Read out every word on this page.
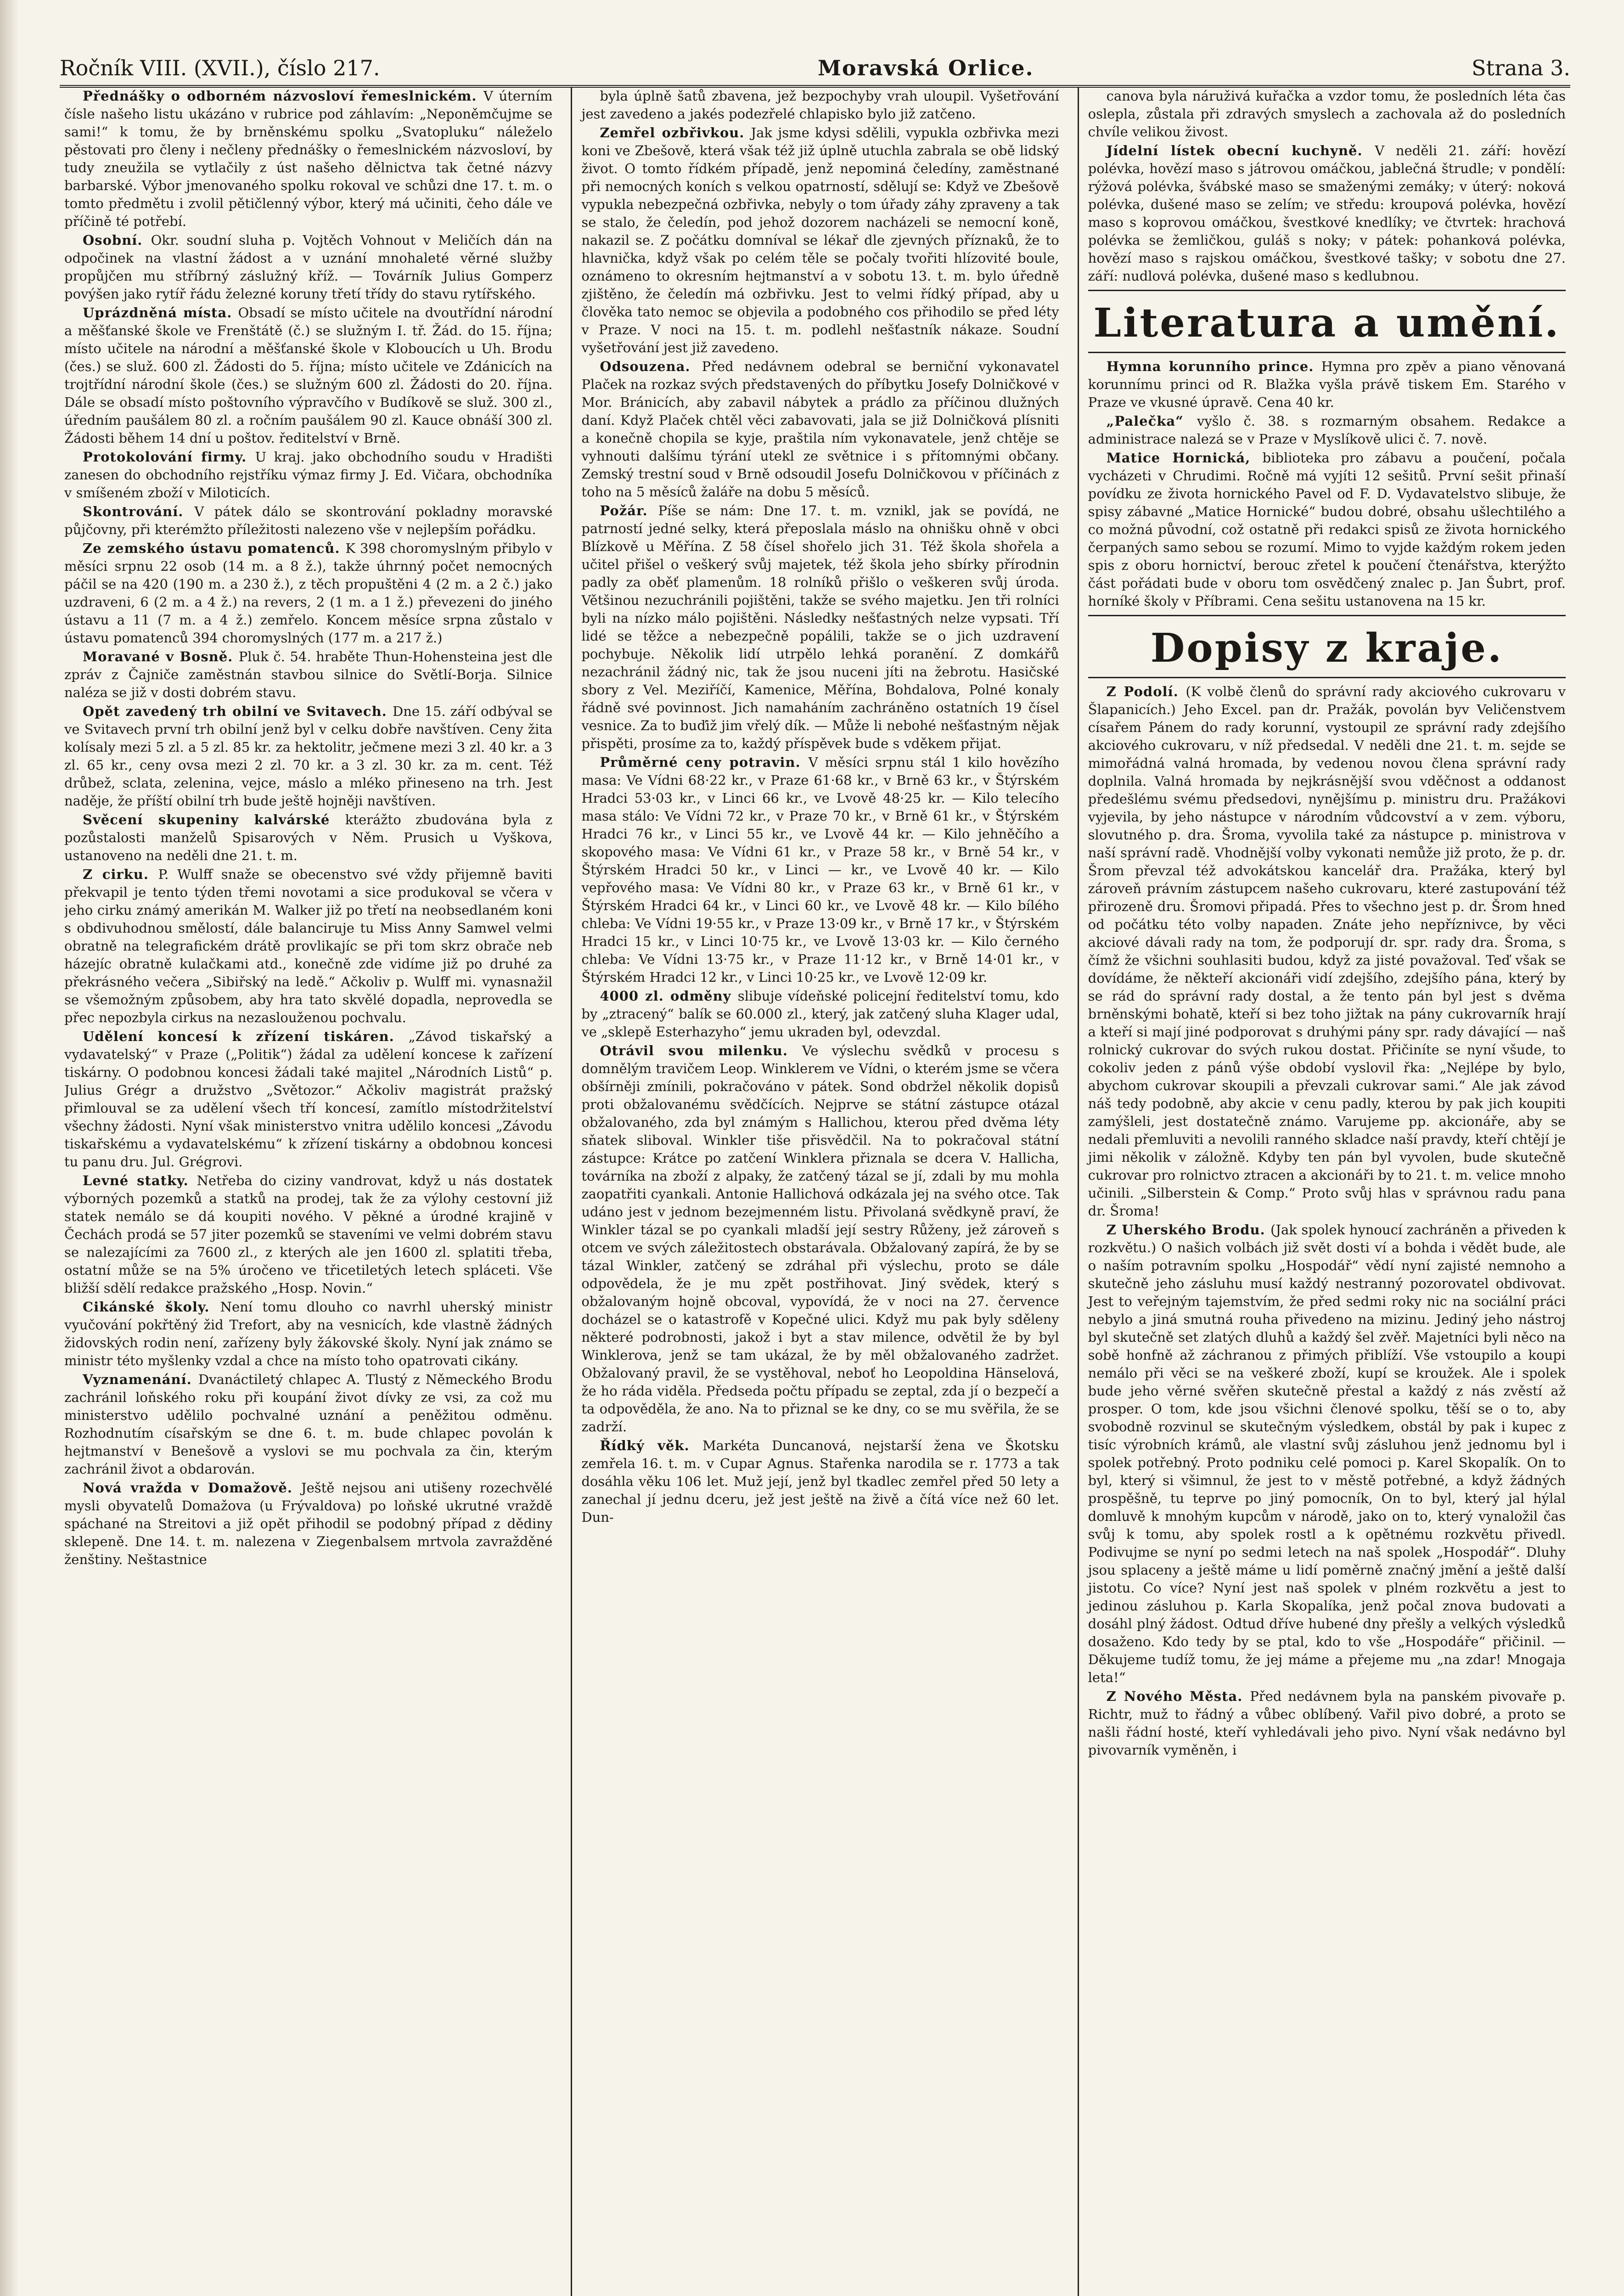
Ročník VIII. (XVII.), číslo 217.	Moravská Orlice.	Strana 3.

Přednášky o odborném názvosloví řemeslnickém. V úterním čísle našeho listu ukázáno v rubrice pod záhlavím: „Neponěmčujme se sami!“ k tomu, že by brněnskému spolku „Svatopluku“ náleželo pěstovati pro členy i nečleny přednášky o řemeslnickém názvosloví, by tudy zneužila se vytlačily z úst našeho dělnictva tak četné názvy barbarské. Výbor jmenovaného spolku rokoval ve schůzi dne 17. t. m. o tomto předmětu i zvolil pětičlenný výbor, který má učiniti, čeho dále ve příčině té potřebí.

Osobní. Okr. soudní sluha p. Vojtěch Vohnout v Meličích dán na odpočinek na vlastní žádost a v uznání mnohaleté věrné služby propůjčen mu stříbrný záslužný kříž. — Továrník Julius Gomperz povýšen jako rytíř řádu železné koruny třetí třídy do stavu rytířského.

Uprázdněná místa. Obsadí se místo učitele na dvoutřídní národní a měšťanské škole ve Frenštátě (č.) se služným I. tř. Žád. do 15. října; místo učitele na národní a měšťanské škole v Kloboucích u Uh. Brodu (čes.) se služ. 600 zl. Žádosti do 5. října; místo učitele ve Zdánicích na trojtřídní národní škole (čes.) se služným 600 zl. Žádosti do 20. října. Dále se obsadí místo poštovního výpravčího v Budíkově se služ. 300 zl., úředním paušálem 80 zl. a ročním paušálem 90 zl. Kauce obnáší 300 zl. Žádosti během 14 dní u poštov. ředitelství v Brně.

Protokolování firmy. U kraj. jako obchodního soudu v Hradišti zanesen do obchodního rejstříku výmaz firmy J. Ed. Vičara, obchodníka v smíšeném zboží v Miloticích.

Skontrování. V pátek dálo se skontrování pokladny moravské půjčovny, při kterémžto příležitosti nalezeno vše v nejlepším pořádku.

Ze zemského ústavu pomatenců. K 398 choromyslným přibylo v měsíci srpnu 22 osob (14 m. a 8 ž.), takže úhrnný počet nemocných páčil se na 420 (190 m. a 230 ž.), z těch propuštěni 4 (2 m. a 2 č.) jako uzdraveni, 6 (2 m. a 4 ž.) na revers, 2 (1 m. a 1 ž.) převezeni do jiného ústavu a 11 (7 m. a 4 ž.) zemřelo. Koncem měsíce srpna zůstalo v ústavu pomatenců 394 choromyslných (177 m. a 217 ž.)

Moravané v Bosně. Pluk č. 54. hraběte Thun-Hohensteina jest dle zpráv z Čajniče zaměstnán stavbou silnice do Světlí-Borja. Silnice naléza se již v dosti dobrém stavu.

Opět zavedený trh obilní ve Svitavech. Dne 15. září odbýval se ve Svitavech první trh obilní jenž byl v celku dobře navštíven. Ceny žita kolísaly mezi 5 zl. a 5 zl. 85 kr. za hektolitr, ječmene mezi 3 zl. 40 kr. a 3 zl. 65 kr., ceny ovsa mezi 2 zl. 70 kr. a 3 zl. 30 kr. za m. cent. Též drůbež, sclata, zelenina, vejce, máslo a mléko přineseno na trh. Jest naděje, že příští obilní trh bude ještě hojněji navštíven.

Svěcení skupeniny kalvárské kterážto zbudována byla z pozůstalosti manželů Spisarových v Něm. Prusich u Vyškova, ustanoveno na neděli dne 21. t. m.

Z cirku. P. Wulff snaže se obecenstvo své vždy přijemně baviti překvapil je tento týden třemi novotami a sice produkoval se včera v jeho cirku známý amerikán M. Walker již po třetí na neobsedlaném koni s obdivuhodnou smělostí, dále balanciruje tu Miss Anny Samwel velmi obratně na telegrafickém drátě provlikajíc se při tom skrz obrače neb házejíc obratně kulačkami atd., konečně zde vidíme již po druhé za překrásného večera „Sibiřský na ledě.“ Ačkoliv p. Wulff mi. vynasnažil se všemožným způsobem, aby hra tato skvělé dopadla, neprovedla se přec nepozbyla cirkus na nezaslouženou pochvalu.

Udělení koncesí k zřízení tiskáren. „Závod tiskařský a vydavatelský“ v Praze („Politik“) žádal za udělení koncese k zařízení tiskárny. O podobnou koncesi žádali také majitel „Národních Listů“ p. Julius Grégr a družstvo „Světozor.“ Ačkoliv magistrát pražský přimlouval se za udělení všech tří koncesí, zamítlo místodržitelství všechny žádosti. Nyní však ministerstvo vnitra udělilo koncesi „Závodu tiskařskému a vydavatelskému“ k zřízení tiskárny a obdobnou koncesi tu panu dru. Jul. Grégrovi.

Levné statky. Netřeba do ciziny vandrovat, když u nás dostatek výborných pozemků a statků na prodej, tak že za výlohy cestovní již statek nemálo se dá koupiti nového. V pěkné a úrodné krajině v Čechách prodá se 57 jiter pozemků se staveními ve velmi dobrém stavu se nalezajícími za 7600 zl., z kterých ale jen 1600 zl. splatiti třeba, ostatní může se na 5% úročeno ve třicetiletých letech spláceti. Vše bližší sdělí redakce pražského „Hosp. Novin.“

Cikánské školy. Není tomu dlouho co navrhl uherský ministr vyučování pokřtěný žid Trefort, aby na vesnicích, kde vlastně žádných židovských rodin není, zařízeny byly žákovské školy. Nyní jak známo se ministr této myšlenky vzdal a chce na místo toho opatrovati cikány.

Vyznamenání. Dvanáctiletý chlapec A. Tlustý z Německého Brodu zachránil loňského roku při koupání život dívky ze vsi, za což mu ministerstvo udělilo pochvalné uznání a peněžitou odměnu. Rozhodnutím císařským se dne 6. t. m. bude chlapec povolán k hejtmanství v Benešově a vyslovi se mu pochvala za čin, kterým zachránil život a obdarován.

Nová vražda v Domažově. Ještě nejsou ani utišeny rozechvělé mysli obyvatelů Domažova (u Frývaldova) po loňské ukrutné vraždě spáchané na Streitovi a již opět přihodil se podobný případ z dědiny sklepeně. Dne 14. t. m. nalezena v Ziegenbalsem mrtvola zavražděné ženštiny. Neštastnice

byla úplně šatů zbavena, jež bezpochyby vrah uloupil. Vyšetřování jest zavedeno a jakés podezřelé chlapisko bylo již zatčeno.

Zemřel ozbřivkou. Jak jsme kdysi sdělili, vypukla ozbřivka mezi koni ve Zbešově, která však též již úplně utuchla zabrala se obě lidský život. O tomto řídkém případě, jenž nepominá čeledíny, zaměstnané při nemocných koních s velkou opatrností, sdělují se: Když ve Zbešově vypukla nebezpečná ozbřivka, nebyly o tom úřady záhy zpraveny a tak se stalo, že čeledín, pod jehož dozorem nacházeli se nemocní koně, nakazil se. Z počátku domníval se lékař dle zjevných příznaků, že to hlavnička, když však po celém těle se počaly tvořiti hlízovité boule, oznámeno to okresním hejtmanství a v sobotu 13. t. m. bylo úředně zjištěno, že čeledín má ozbřivku. Jest to velmi řídký případ, aby u člověka tato nemoc se objevila a podobného cos přihodilo se před léty v Praze. V noci na 15. t. m. podlehl nešťastník nákaze. Soudní vyšetřování jest již zavedeno.

Odsouzena. Před nedávnem odebral se berniční vykonavatel Plaček na rozkaz svých představených do příbytku Josefy Dolničkové v Mor. Bránicích, aby zabavil nábytek a prádlo za příčinou dlužných daní. Když Plaček chtěl věci zabavovati, jala se již Dolničková plísniti a konečně chopila se kyje, praštila ním vykonavatele, jenž chtěje se vyhnouti dalšímu týrání utekl ze světnice i s přítomnými občany. Zemský trestní soud v Brně odsoudil Josefu Dolničkovou v příčinách z toho na 5 měsíců žaláře na dobu 5 měsíců.

Požár. Píše se nám: Dne 17. t. m. vznikl, jak se povídá, ne patrností jedné selky, která přeposlala máslo na ohnišku ohně v obci Blízkově u Měřína. Z 58 čísel shořelo jich 31. Též škola shořela a učitel přišel o veškerý svůj majetek, též škola jeho sbírky přírodnin padly za oběť plamenům. 18 rolníků přišlo o veškeren svůj úroda. Většinou nezuchránili pojištěni, takže se svého majetku. Jen tři rolníci byli na nízko málo pojištěni. Následky nešťastných nelze vypsati. Tří lidé se těžce a nebezpečně popálili, takže se o jich uzdravení pochybuje. Několik lidí utrpělo lehká poranění. Z domkářů nezachránil žádný nic, tak že jsou nuceni jíti na žebrotu. Hasičské sbory z Vel. Meziříčí, Kamenice, Měřína, Bohdalova, Polné konaly řádně své povinnost. Jich namaháním zachráněno ostatních 19 čísel vesnice. Za to buďiž jim vřelý dík. — Může li nebohé nešťastným nějak přispěti, prosíme za to, každý příspěvek bude s vděkem přijat.

Průměrné ceny potravin. V měsíci srpnu stál 1 kilo hovězího masa: Ve Vídni 68·22 kr., v Praze 61·68 kr., v Brně 63 kr., v Štýrském Hradci 53·03 kr., v Linci 66 kr., ve Lvově 48·25 kr. — Kilo telecího masa stálo: Ve Vídni 72 kr., v Praze 70 kr., v Brně 61 kr., v Štýrském Hradci 76 kr., v Linci 55 kr., ve Lvově 44 kr. — Kilo jehněčího a skopového masa: Ve Vídni 61 kr., v Praze 58 kr., v Brně 54 kr., v Štýrském Hradci 50 kr., v Linci — kr., ve Lvově 40 kr. — Kilo vepřového masa: Ve Vídni 80 kr., v Praze 63 kr., v Brně 61 kr., v Štýrském Hradci 64 kr., v Linci 60 kr., ve Lvově 48 kr. — Kilo bílého chleba: Ve Vídni 19·55 kr., v Praze 13·09 kr., v Brně 17 kr., v Štýrském Hradci 15 kr., v Linci 10·75 kr., ve Lvově 13·03 kr. — Kilo černého chleba: Ve Vídni 13·75 kr., v Praze 11·12 kr., v Brně 14·01 kr., v Štýrském Hradci 12 kr., v Linci 10·25 kr., ve Lvově 12·09 kr.

4000 zl. odměny slibuje vídeňské policejní ředitelství tomu, kdo by „ztracený“ balík se 60.000 zl., který, jak zatčený sluha Klager udal, ve „sklepě Esterhazyho“ jemu ukraden byl, odevzdal.

Otrávil svou milenku. Ve výslechu svědků v procesu s domnělým travičem Leop. Winklerem ve Vídni, o kterém jsme se včera obšírněji zmínili, pokračováno v pátek. Sond obdržel několik dopisů proti obžalovanému svědčících. Nejprve se státní zástupce otázal obžalovaného, zda byl známým s Hallichou, kterou před dvěma léty sňatek sliboval. Winkler tiše přisvědčil. Na to pokračoval státní zástupce: Krátce po zatčení Winklera přiznala se dcera V. Hallicha, továrníka na zboží z alpaky, že zatčený tázal se jí, zdali by mu mohla zaopatřiti cyankali. Antonie Hallichová odkázala jej na svého otce. Tak udáno jest v jednom bezejmenném listu. Přivolaná svědkyně praví, že Winkler tázal se po cyankali mladší její sestry Růženy, jež zároveň s otcem ve svých záležitostech obstarávala. Obžalovaný zapírá, že by se tázal Winkler, zatčený se zdráhal při výslechu, proto se dále odpovědela, že je mu zpět postřihovat. Jiný svědek, který s obžalovaným hojně obcoval, vypovídá, že v noci na 27. července docházel se o katastrofě v Kopečné ulici. Když mu pak byly sděleny některé podrobnosti, jakož i byt a stav milence, odvětil že by byl Winklerova, jenž se tam ukázal, že by měl obžalovaného zadržet. Obžalovaný pravil, že se vystěhoval, neboť ho Leopoldina Hänselová, že ho ráda viděla. Předseda počtu případu se zeptal, zda jí o bezpečí a ta odpověděla, že ano. Na to přiznal se ke dny, co se mu svěřila, že se zadrží.

Řídký věk. Markéta Duncanová, nejstarší žena ve Škotsku zemřela 16. t. m. v Cupar Agnus. Stařenka narodila se r. 1773 a tak dosáhla věku 106 let. Muž její, jenž byl tkadlec zemřel před 50 lety a zanechal jí jednu dceru, jež jest ještě na živě a čítá více než 60 let. Dun-

canova byla náruživá kuřačka a vzdor tomu, že posledních léta čas oslepla, zůstala při zdravých smyslech a zachovala až do posledních chvíle velikou živost.

Jídelní lístek obecní kuchyně. V neděli 21. září: hovězí polévka, hovězí maso s játrovou omáčkou, jablečná štrudle; v pondělí: rýžová polévka, švábské maso se smaženými zemáky; v úterý: noková polévka, dušené maso se zelím; ve středu: kroupová polévka, hovězí maso s koprovou omáčkou, švestkové knedlíky; ve čtvrtek: hrachová polévka se žemličkou, guláš s noky; v pátek: pohanková polévka, hovězí maso s rajskou omáčkou, švestkové tašky; v sobotu dne 27. září: nudlová polévka, dušené maso s kedlubnou.

Literatura a umění.

Hymna korunního prince. Hymna pro zpěv a piano věnovaná korunnímu princi od R. Blažka vyšla právě tiskem Em. Starého v Praze ve vkusné úpravě. Cena 40 kr.

„Palečka“ vyšlo č. 38. s rozmarným obsahem. Redakce a administrace nalezá se v Praze v Myslíkově ulici č. 7. nově.

Matice Hornická, biblioteka pro zábavu a poučení, počala vycházeti v Chrudimi. Ročně má vyjíti 12 sešitů. První sešit přinaší povídku ze života hornického Pavel od F. D. Vydavatelstvo slibuje, že spisy zábavné „Matice Hornické“ budou dobré, obsahu ušlechtilého a co možná původní, což ostatně při redakci spisů ze života hornického čerpaných samo sebou se rozumí. Mimo to vyjde každým rokem jeden spis z oboru hornictví, berouc zřetel k poučení čtenářstva, kterýžto část pořádati bude v oboru tom osvědčený znalec p. Jan Šubrt, prof. horníké školy v Příbrami. Cena sešitu ustanovena na 15 kr.

Dopisy z kraje.

Z Podolí. (K volbě členů do správní rady akciového cukrovaru v Šlapanicích.) Jeho Excel. pan dr. Pražák, povolán byv Veličenstvem císařem Pánem do rady korunní, vystoupil ze správní rady zdejšího akciového cukrovaru, v níž předsedal. V neděli dne 21. t. m. sejde se mimořádná valná hromada, by vedenou novou člena správní rady doplnila. Valná hromada by nejkrásnější svou vděčnost a oddanost předešlému svému předsedovi, nynějšímu p. ministru dru. Pražákovi vyjevila, by jeho nástupce v národním vůdcovství a v zem. výboru, slovutného p. dra. Šroma, vyvolila také za nástupce p. ministrova v naší správní radě. Vhodnější volby vykonati nemůže již proto, že p. dr. Šrom převzal též advokátskou kancelář dra. Pražáka, který byl zároveň právním zástupcem našeho cukrovaru, které zastupování též přirozeně dru. Šromovi připadá. Přes to všechno jest p. dr. Šrom hned od počátku této volby napaden. Znáte jeho nepříznivce, by věci akciové dávali rady na tom, že podporují dr. spr. rady dra. Šroma, s čímž že všichni souhlasiti budou, když za jisté považoval. Teď však se dovídáme, že někteří akcionáři vidí zdejšího, zdejšího pána, který by se rád do správní rady dostal, a že tento pán byl jest s dvěma brněnskými bohatě, kteří si bez toho jižtak na pány cukrovarník hrají a kteří si mají jiné podporovat s druhými pány spr. rady dávající — naš rolnický cukrovar do svých rukou dostat. Přičiníte se nyní všude, to cokoliv jeden z pánů výše období vyslovil řka: „Nejlépe by bylo, abychom cukrovar skoupili a převzali cukrovar sami.“ Ale jak závod náš tedy podobně, aby akcie v cenu padly, kterou by pak jich koupiti zamýšleli, jest dostatečně známo. Varujeme pp. akcionáře, aby se nedali přemluviti a nevolili ranného skladce naší pravdy, kteří chtějí je jimi několik v záložně. Kdyby ten pán byl vyvolen, bude skutečně cukrovar pro rolnictvo ztracen a akcionáři by to 21. t. m. velice mnoho učinili. „Silberstein & Comp.“ Proto svůj hlas v správnou radu pana dr. Šroma!

Z Uherského Brodu. (Jak spolek hynoucí zachráněn a přiveden k rozkvětu.) O našich volbách již svět dosti ví a bohda i vědět bude, ale o naším potravním spolku „Hospodář“ vědí nyní zajisté nemnoho a skutečně jeho zásluhu musí každý nestranný pozorovatel obdivovat. Jest to veřejným tajemstvím, že před sedmi roky nic na sociální práci nebylo a jiná smutná rouha přivedeno na mizinu. Jediný jeho nástroj byl skutečně set zlatých dluhů a každý šel zvěř. Majetníci byli něco na sobě honfně až záchranou z přimých přiblíží. Vše vstoupilo a koupi nemálo při věci se na veškeré zboží, kupí se kroužek. Ale i spolek bude jeho věrné svěřen skutečně přestal a každý z nás zvěstí až prosper. O tom, kde jsou všichni členové spolku, těší se o to, aby svobodně rozvinul se skutečným výsledkem, obstál by pak i kupec z tisíc výrobních krámů, ale vlastní svůj zásluhou jenž jednomu byl i spolek potřebný. Proto podniku celé pomoci p. Karel Skopalík. On to byl, který si všimnul, že jest to v městě potřebné, a když žádných prospěšně, tu teprve po jiný pomocník, On to byl, který jal hýlal domluvě k mnohým kupcům v národě, jako on to, který vynaložil čas svůj k tomu, aby spolek rostl a k opětnému rozkvětu přivedl. Podivujme se nyní po sedmi letech na naš spolek „Hospodář“. Dluhy jsou splaceny a ještě máme u lidí poměrně značný jmění a ještě další jistotu. Co více? Nyní jest naš spolek v plném rozkvětu a jest to jedinou zásluhou p. Karla Skopalíka, jenž počal znova budovati a dosáhl plný žádost. Odtud dříve hubené dny přešly a velkých výsledků dosaženo. Kdo tedy by se ptal, kdo to vše „Hospodáře“ přičinil. — Děkujeme tudíž tomu, že jej máme a přejeme mu „na zdar! Mnogaja leta!“

Z Nového Města. Před nedávnem byla na panském pivovaře p. Richtr, muž to řádný a vůbec oblíbený. Vařil pivo dobré, a proto se našli řádní hosté, kteří vyhledávali jeho pivo. Nyní však nedávno byl pivovarník vyměněn, i
